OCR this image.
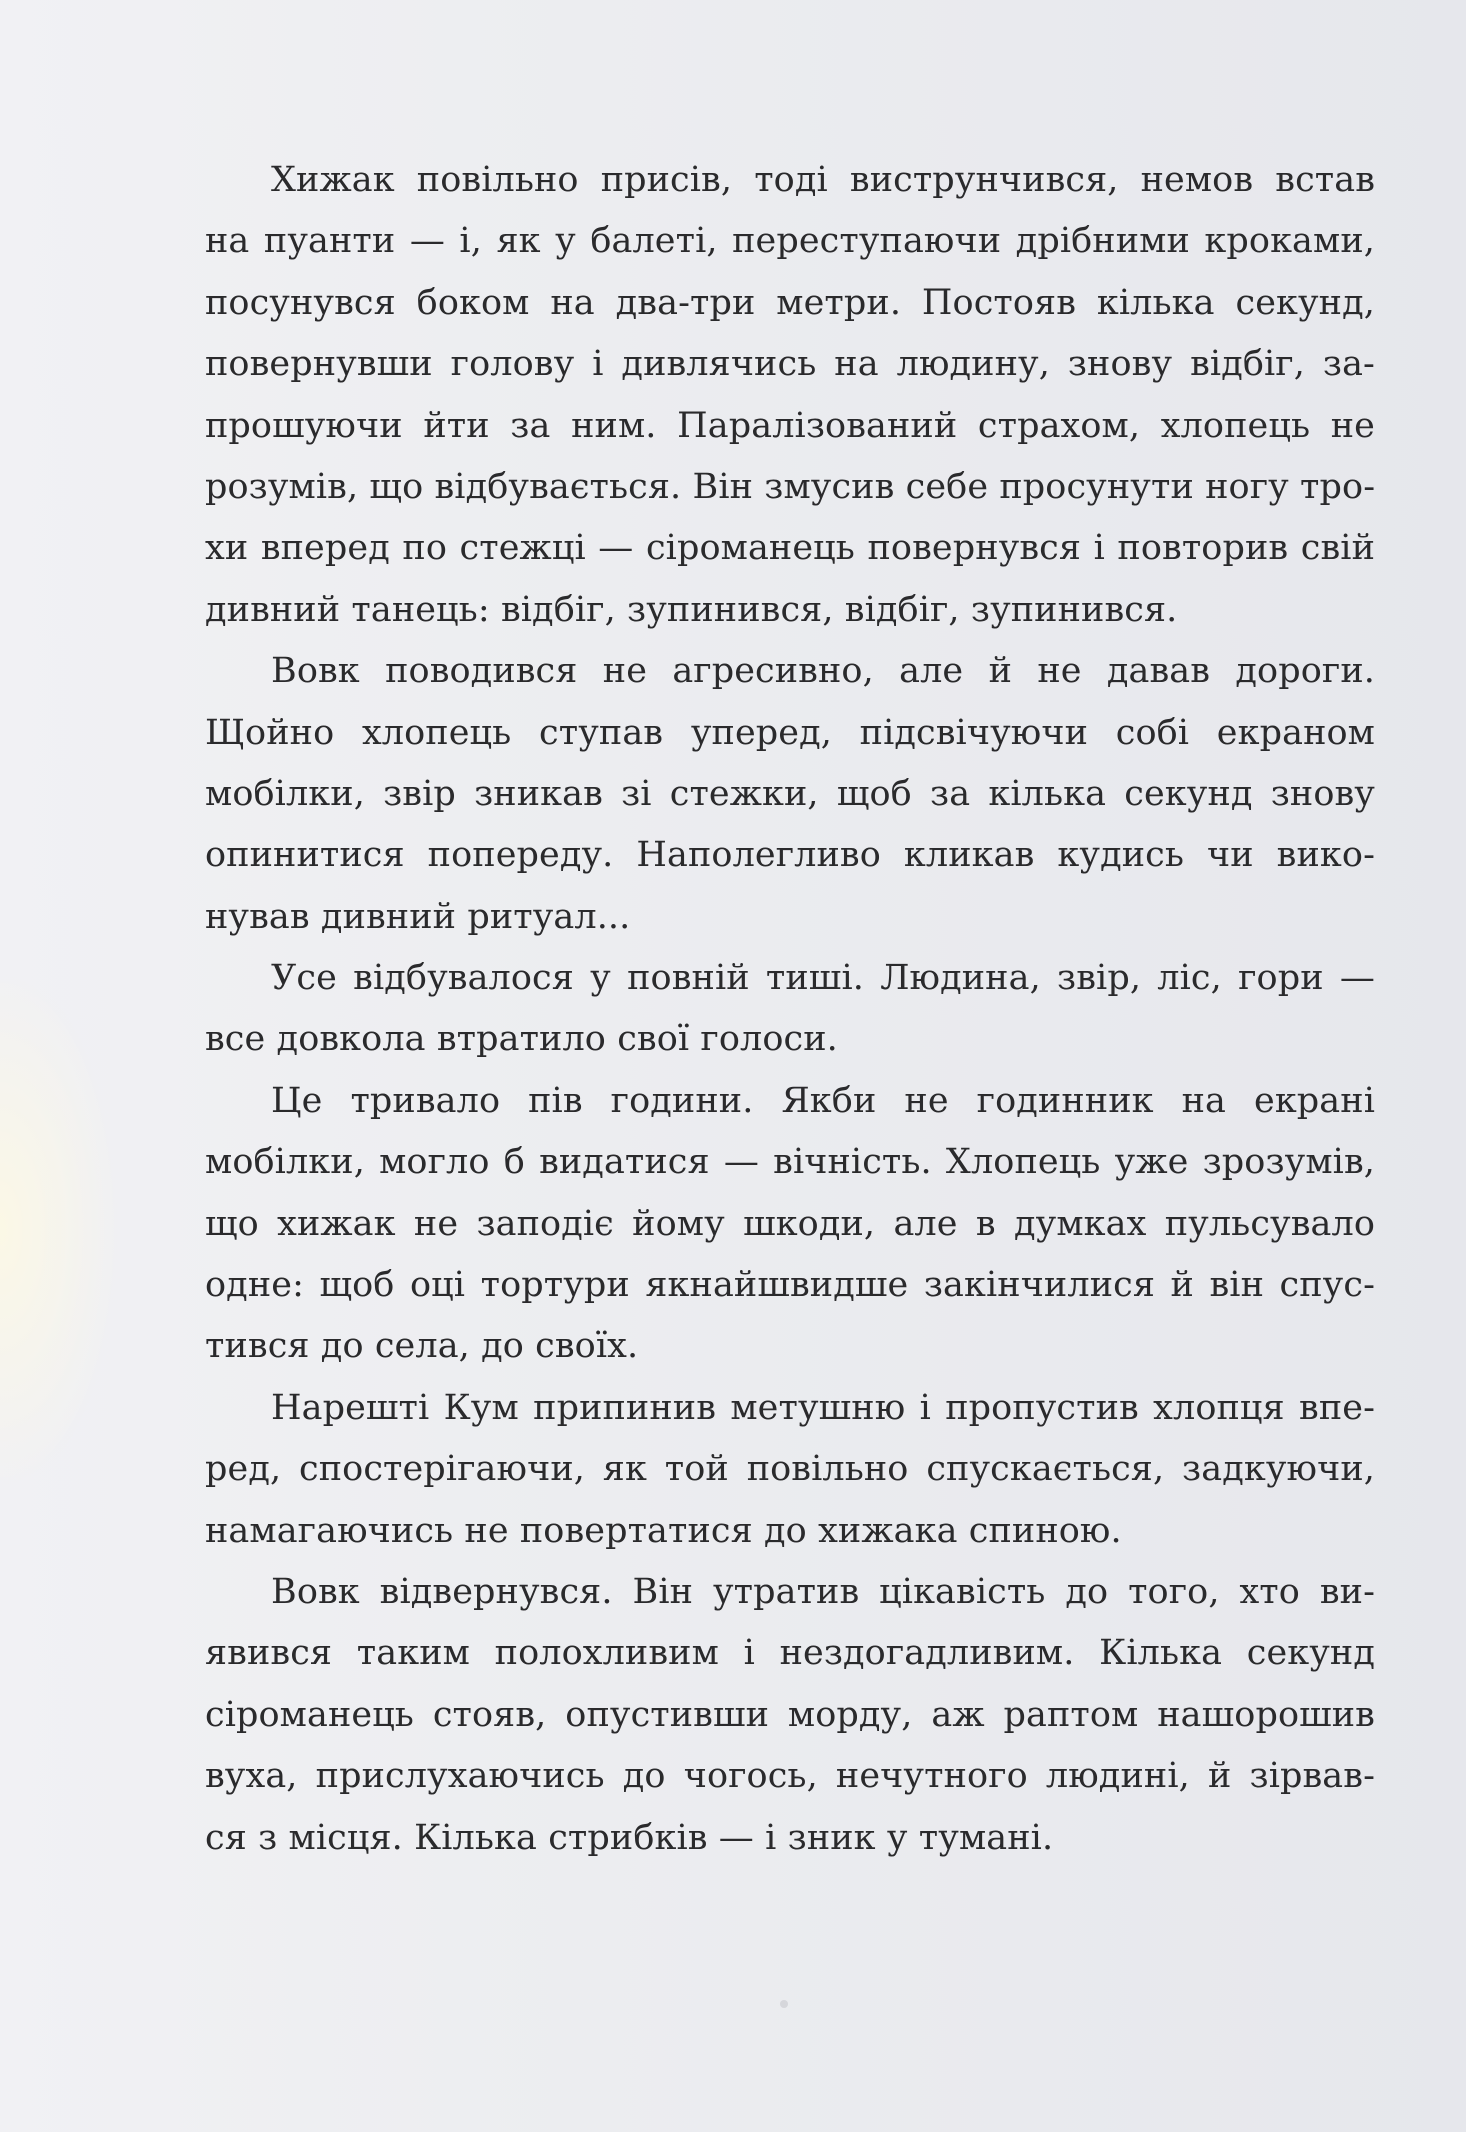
Хижак повільно присів, тоді виструнчився, немов встав
на пуанти — і, як у балеті, переступаючи дрібними кроками,
посунувся боком на два-три метри. Постояв кілька секунд,
повернувши голову і дивлячись на людину, знову відбіг, за-
прошуючи йти за ним. Паралізований страхом, хлопець не
розумів, що відбувається. Він змусив себе просунути ногу тро-
хи вперед по стежці — сіроманець повернувся і повторив свій
дивний танець: відбіг, зупинився, відбіг, зупинився.
Вовк поводився не агресивно, але й не давав дороги.
Щойно хлопець ступав уперед, підсвічуючи собі екраном
мобілки, звір зникав зі стежки, щоб за кілька секунд знову
опинитися попереду. Наполегливо кликав кудись чи вико-
нував дивний ритуал...
Усе відбувалося у повній тиші. Людина, звір, ліс, гори —
все довкола втратило свої голоси.
Це тривало пів години. Якби не годинник на екрані
мобілки, могло б видатися — вічність. Хлопець уже зрозумів,
що хижак не заподіє йому шкоди, але в думках пульсувало
одне: щоб оці тортури якнайшвидше закінчилися й він спус-
тився до села, до своїх.
Нарешті Кум припинив метушню і пропустив хлопця впе-
ред, спостерігаючи, як той повільно спускається, задкуючи,
намагаючись не повертатися до хижака спиною.
Вовк відвернувся. Він утратив цікавість до того, хто ви-
явився таким полохливим і нездогадливим. Кілька секунд
сіроманець стояв, опустивши морду, аж раптом нашорошив
вуха, прислухаючись до чогось, нечутного людині, й зірвав-
ся з місця. Кілька стрибків — і зник у тумані.
